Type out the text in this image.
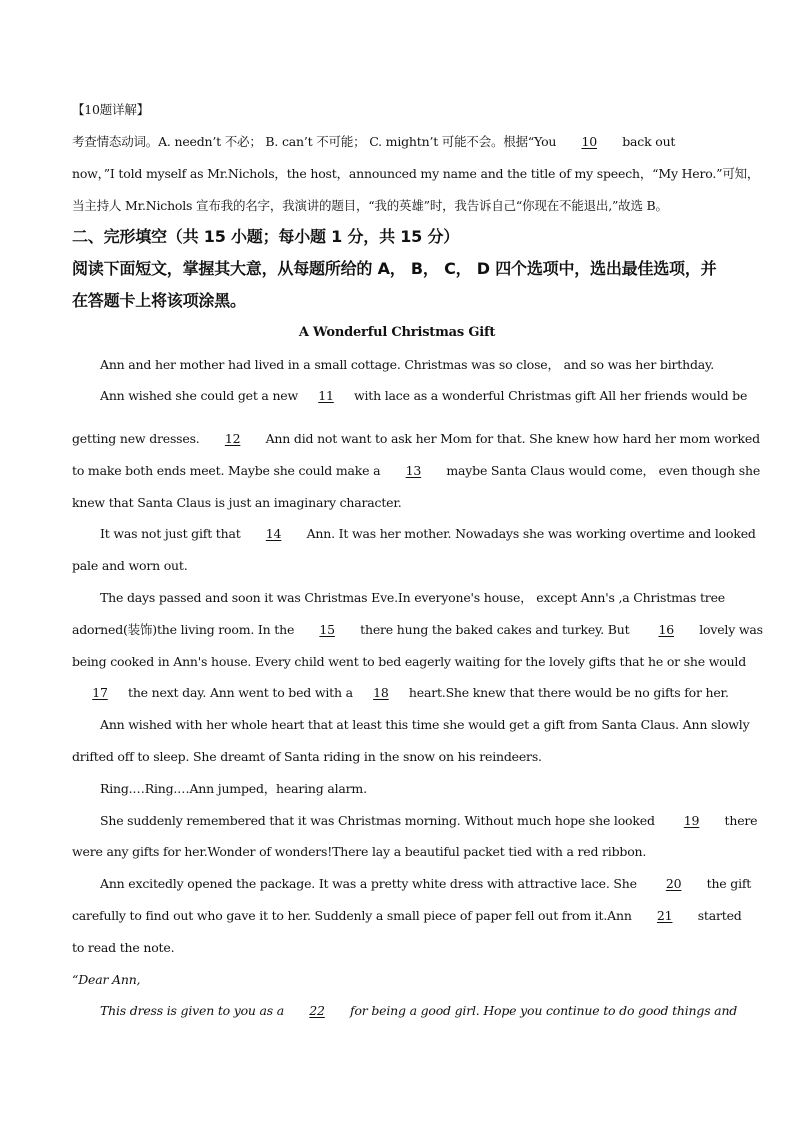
【10题详解】
考查情态动词。A. needn’t 不必； B. can’t 不可能； C. mightn’t 可能不会。根据“You 10 back out
now，”I told myself as Mr.Nichols，the host，announced my name and the title of my speech，“My Hero.”可知，
当主持人 Mr.Nichols 宣布我的名字，我演讲的题目，“我的英雄”时，我告诉自己“你现在不能退出,”故选 B。
二、完形填空（共 15 小题；每小题 1 分，共 15 分）
阅读下面短文，掌握其大意，从每题所给的 A， B， C， D 四个选项中，选出最佳选项，并
在答题卡上将该项涂黑。
A Wonderful Christmas Gift
Ann and her mother had lived in a small cottage. Christmas was so close， and so was her birthday.
Ann wished she could get a new 11 with lace as a wonderful Christmas gift All her friends would be
getting new dresses. 12 Ann did not want to ask her Mom for that. She knew how hard her mom worked
to make both ends meet. Maybe she could make a 13 maybe Santa Claus would come， even though she
knew that Santa Claus is just an imaginary character.
It was not just gift that 14 Ann. It was her mother. Nowadays she was working overtime and looked
pale and worn out.
The days passed and soon it was Christmas Eve.In everyone's house， except Ann's ,a Christmas tree
adorned(装饰)the living room. In the 15 there hung the baked cakes and turkey. But 16 lovely was
being cooked in Ann's house. Every child went to bed eagerly waiting for the lovely gifts that he or she would
17 the next day. Ann went to bed with a 18 heart.She knew that there would be no gifts for her.
Ann wished with her whole heart that at least this time she would get a gift from Santa Claus. Ann slowly
drifted off to sleep. She dreamt of Santa riding in the snow on his reindeers.
Ring.…Ring.…Ann jumped，hearing alarm.
She suddenly remembered that it was Christmas morning. Without much hope she looked 19 there
were any gifts for her.Wonder of wonders!There lay a beautiful packet tied with a red ribbon.
Ann excitedly opened the package. It was a pretty white dress with attractive lace. She 20 the gift
carefully to find out who gave it to her. Suddenly a small piece of paper fell out from it.Ann 21 started
to read the note.
“Dear Ann,
This dress is given to you as a 22 for being a good girl. Hope you continue to do good things and
